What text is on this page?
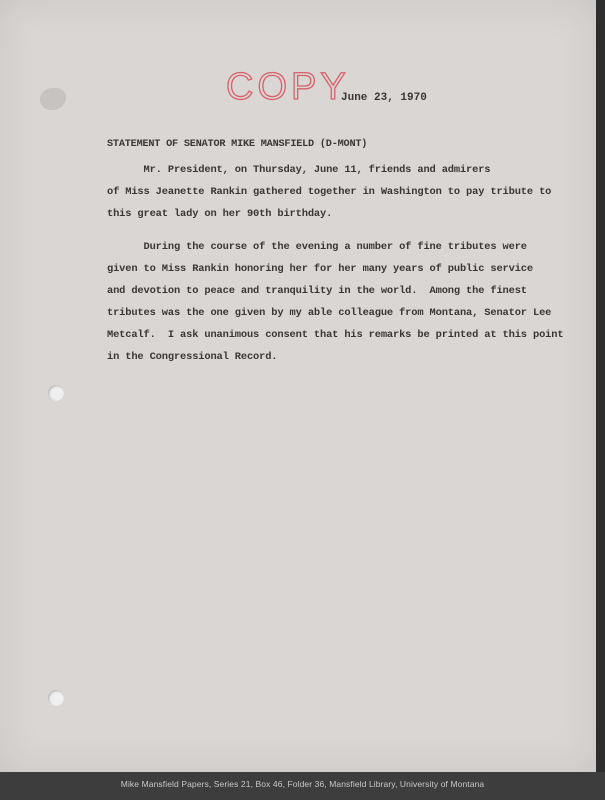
COPY
June 23, 1970
STATEMENT OF SENATOR MIKE MANSFIELD (D-MONT)
Mr. President, on Thursday, June 11, friends and admirers
of Miss Jeanette Rankin gathered together in Washington to pay tribute to
this great lady on her 90th birthday.
During the course of the evening a number of fine tributes were
given to Miss Rankin honoring her for her many years of public service
and devotion to peace and tranquility in the world.  Among the finest
tributes was the one given by my able colleague from Montana, Senator Lee
Metcalf.  I ask unanimous consent that his remarks be printed at this point
in the Congressional Record.
Mike Mansfield Papers, Series 21, Box 46, Folder 36, Mansfield Library, University of Montana
